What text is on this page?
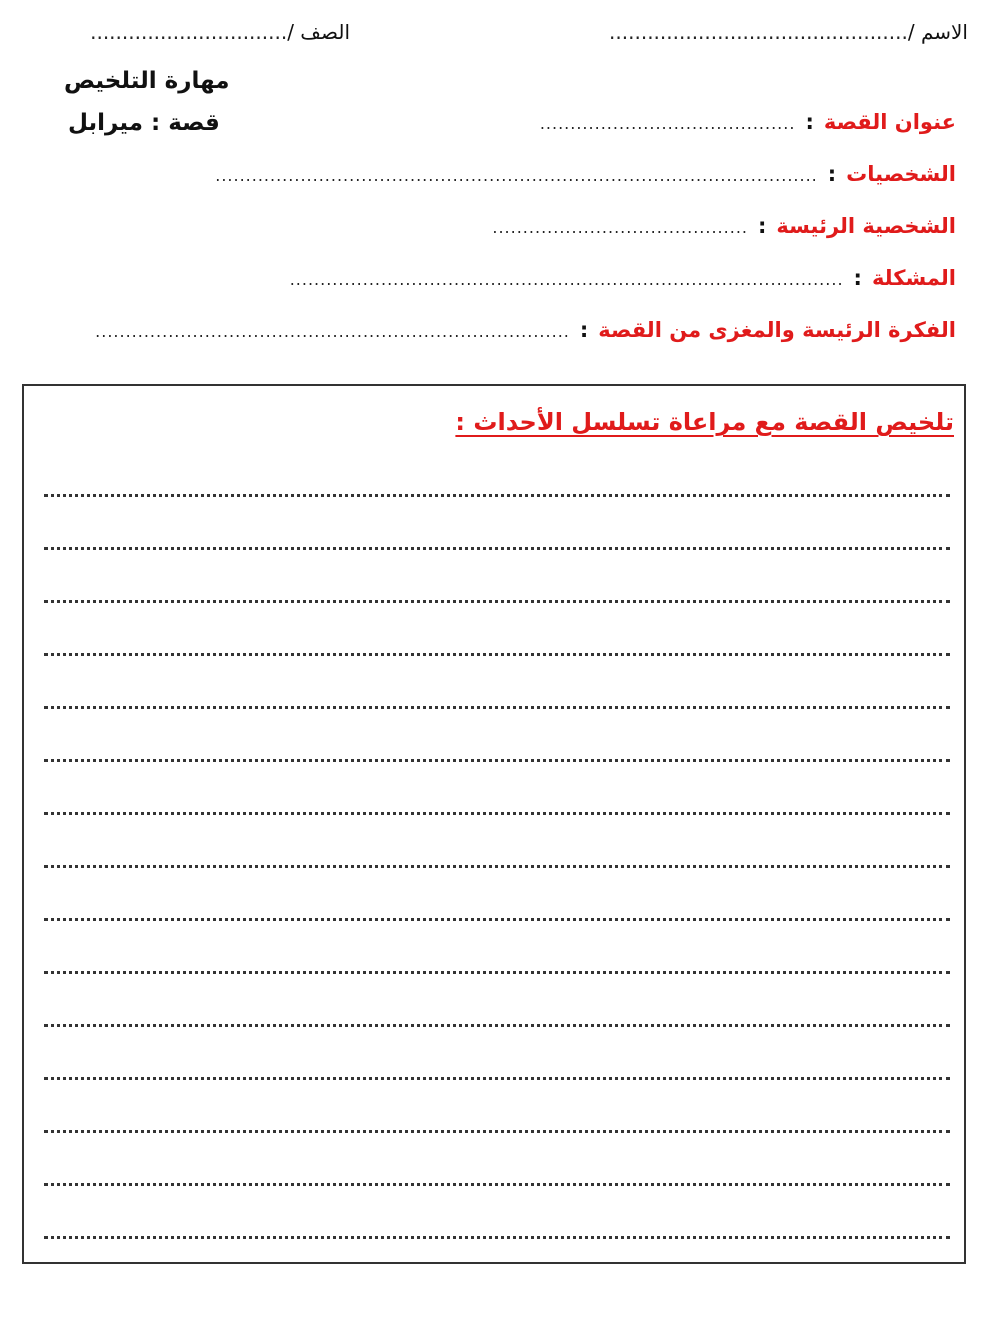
الاسم /...............................................
الصف /...............................
مهارة التلخيص
قصة : ميرابل	عنوان القصة
:
..........................................
الشخصيات
:
...................................................................................................
الشخصية الرئيسة
:
..........................................
المشكلة
:
...........................................................................................
الفكرة الرئيسة والمغزى من القصة
:
..............................................................................
تلخيص القصة مع مراعاة تسلسل الأحداث :
